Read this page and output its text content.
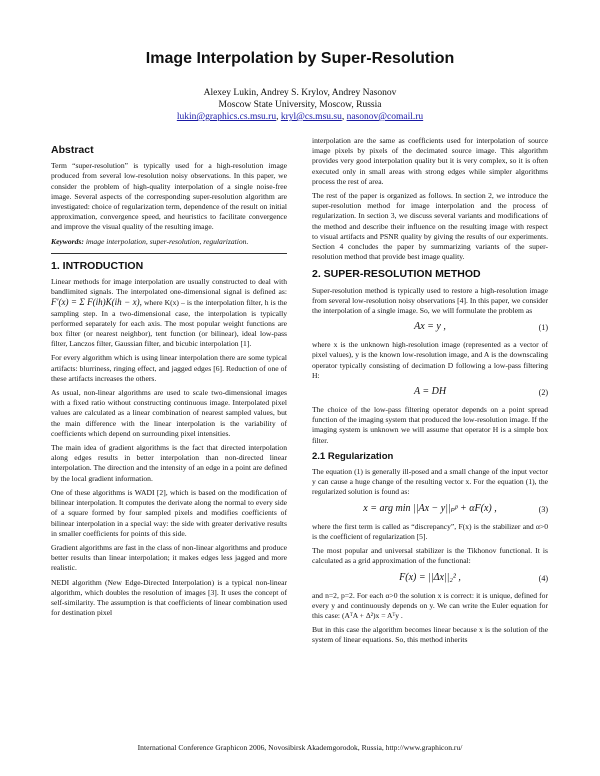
Image Interpolation by Super-Resolution
Alexey Lukin, Andrey S. Krylov, Andrey Nasonov
Moscow State University, Moscow, Russia
lukin@graphics.cs.msu.ru, kryl@cs.msu.su, nasonov@comail.ru
Abstract

Term “super-resolution” is typically used for a high-resolution image produced from several low-resolution noisy observations. In this paper, we consider the problem of high-quality interpolation of a single noise-free image. Several aspects of the corresponding super-resolution algorithm are investigated: choice of regularization term, dependence of the result on initial approximation, convergence speed, and heuristics to facilitate convergence and improve the visual quality of the resulting image.

Keywords: image interpolation, super-resolution, regularization.

1. INTRODUCTION

Linear methods for image interpolation are usually constructed to deal with bandlimited signals. The interpolated one-dimensional signal is defined as: F′(x) = Σ F(ih)K(ih − x), where K(x) – is the interpolation filter, h is the sampling step. In a two-dimensional case, the interpolation is typically performed separately for each axis. The most popular weight functions are box filter (or nearest neighbor), tent function (or bilinear), ideal low-pass filter, Lanczos filter, Gaussian filter, and bicubic interpolation [1].

For every algorithm which is using linear interpolation there are some typical artifacts: blurriness, ringing effect, and jagged edges [6]. Reduction of one of these artifacts increases the others.

As usual, non-linear algorithms are used to scale two-dimensional images with a fixed ratio without constructing continuous image. Interpolated pixel values are calculated as a linear combination of nearest sampled values, but the main difference with the linear interpolation is the variability of coefficients which depend on surrounding pixel intensities.

The main idea of gradient algorithms is the fact that directed interpolation along edges results in better interpolation than non-directed linear interpolation. The direction and the intensity of an edge in a point are defined by the local gradient information.

One of these algorithms is WADI [2], which is based on the modification of bilinear interpolation. It computes the derivate along the normal to every side of a square formed by four sampled pixels and modifies coefficients of bilinear interpolation in a special way: the side with greater derivative results in smaller coefficients for points of this side.

Gradient algorithms are fast in the class of non-linear algorithms and produce better results than linear interpolation; it makes edges less jagged and more realistic.

NEDI algorithm (New Edge-Directed Interpolation) is a typical non-linear algorithm, which doubles the resolution of images [3]. It uses the concept of self-similarity. The assumption is that coefficients of linear combination used for destination pixel

interpolation are the same as coefficients used for interpolation of source image pixels by pixels of the decimated source image. This algorithm provides very good interpolation quality but it is very complex, so it is often executed only in small areas with strong edges while simpler algorithms process the rest of area.

The rest of the paper is organized as follows. In section 2, we introduce the super-resolution method for image interpolation and the process of regularization. In section 3, we discuss several variants and modifications of the method and describe their influence on the resulting image with respect to visual artifacts and PSNR quality by giving the results of our experiments. Section 4 concludes the paper by summarizing variants of the super-resolution method that provide best image quality.

2. SUPER-RESOLUTION METHOD

Super-resolution method is typically used to restore a high-resolution image from several low-resolution noisy observations [4]. In this paper, we consider the interpolation of a single image. So, we will formulate the problem as

Ax = y ,	(1)

where x is the unknown high-resolution image (represented as a vector of pixel values), y is the known low-resolution image, and A is the downscaling operator typically consisting of decimation D following a low-pass filtering H:

A = DH	(2)

The choice of the low-pass filtering operator depends on a point spread function of the imaging system that produced the low-resolution image. If the imaging system is unknown we will assume that operator H is a simple box filter.

2.1 Regularization

The equation (1) is generally ill-posed and a small change of the input vector y can cause a huge change of the resulting vector x. For the equation (1), the regularized solution is found as:

x = arg min ||Ax − y||ₚᵖ + αF(x) ,	(3)

where the first term is called as “discrepancy”, F(x) is the stabilizer and α>0 is the coefficient of regularization [5].

The most popular and universal stabilizer is the Tikhonov functional. It is calculated as a grid approximation of the functional:

F(x) = ||Δx||₂² ,	(4)

and n=2, p=2. For each α>0 the solution x is correct: it is unique, defined for every y and continuously depends on y. We can write the Euler equation for this case: (AᵀA + Δ²)x = Aᵀy .

But in this case the algorithm becomes linear because x is the solution of the system of linear equations. So, this method inherits

International Conference Graphicon 2006, Novosibirsk Akademgorodok, Russia, http://www.graphicon.ru/
